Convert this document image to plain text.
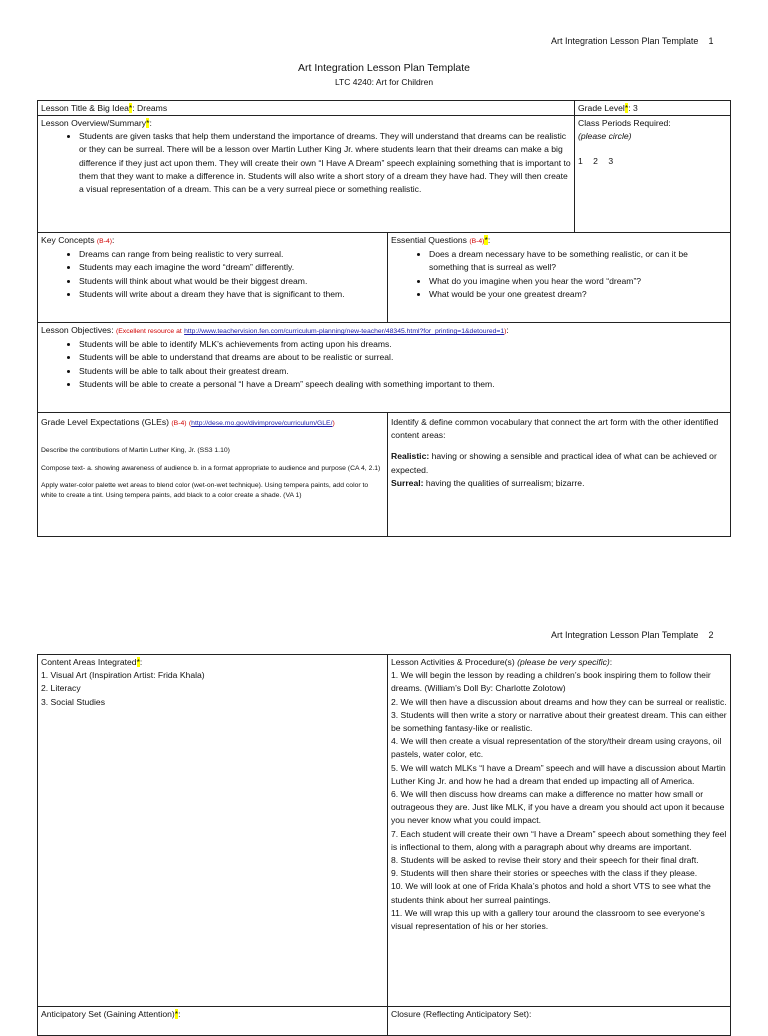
Art Integration Lesson Plan Template 1
Art Integration Lesson Plan Template
LTC 4240: Art for Children
Lesson Title & Big Idea*: Dreams	Grade Level*: 3
Lesson Overview/Summary*:
• Students are given tasks that help them understand the importance of dreams. They will understand that dreams can be realistic or they can be surreal. There will be a lesson over Martin Luther King Jr. where students learn that their dreams can make a big difference if they just act upon them. They will create their own “I Have A Dream” speech explaining something that is important to them that they want to make a difference in. Students will also write a short story of a dream they have had. They will then create a visual representation of a dream. This can be a very surreal piece or something realistic.
Class Periods Required:
(please circle)
1 2 3
Key Concepts (B-4):
• Dreams can range from being realistic to very surreal.
• Students may each imagine the word “dream” differently.
• Students will think about what would be their biggest dream.
• Students will write about a dream they have that is significant to them.
Essential Questions (B-4)*:
• Does a dream necessary have to be something realistic, or can it be something that is surreal as well?
• What do you imagine when you hear the word “dream”?
• What would be your one greatest dream?
Lesson Objectives: (Excellent resource at http://www.teachervision.fen.com/curriculum-planning/new-teacher/48345.html?for_printing=1&detoured=1):
• Students will be able to identify MLK’s achievements from acting upon his dreams.
• Students will be able to understand that dreams are about to be realistic or surreal.
• Students will be able to talk about their greatest dream.
• Students will be able to create a personal “I have a Dream” speech dealing with something important to them.
Grade Level Expectations (GLEs) (B-4) (http://dese.mo.gov/divimprove/curriculum/GLE/)

Describe the contributions of Martin Luther King, Jr. (SS3 1.10)

Compose text- a. showing awareness of audience b. in a format appropriate to audience and purpose (CA 4, 2.1)

Apply water-color palette wet areas to blend color (wet-on-wet technique). Using tempera paints, add color to white to create a tint. Using tempera paints, add black to a color create a shade. (VA 1)

Identify & define common vocabulary that connect the art form with the other identified content areas:
Realistic: having or showing a sensible and practical idea of what can be achieved or expected.
Surreal: having the qualities of surrealism; bizarre.
Art Integration Lesson Plan Template 2
Content Areas Integrated*:
1. Visual Art (Inspiration Artist: Frida Khala)
2. Literacy
3. Social Studies
Lesson Activities & Procedure(s) (please be very specific):
1. We will begin the lesson by reading a children’s book inspiring them to follow their dreams. (William’s Doll By: Charlotte Zolotow)
2. We will then have a discussion about dreams and how they can be surreal or realistic.
3. Students will then write a story or narrative about their greatest dream. This can either be something fantasy-like or realistic.
4. We will then create a visual representation of the story/their dream using crayons, oil pastels, water color, etc.
5. We will watch MLKs “I have a Dream” speech and will have a discussion about Martin Luther King Jr. and how he had a dream that ended up impacting all of America.
6. We will then discuss how dreams can make a difference no matter how small or outrageous they are. Just like MLK, if you have a dream you should act upon it because you never know what you could impact.
7. Each student will create their own “I have a Dream” speech about something they feel is inflectional to them, along with a paragraph about why dreams are important.
8. Students will be asked to revise their story and their speech for their final draft.
9. Students will then share their stories or speeches with the class if they please.
10. We will look at one of Frida Khala’s photos and hold a short VTS to see what the students think about her surreal paintings.
11. We will wrap this up with a gallery tour around the classroom to see everyone’s visual representation of his or her stories.
Anticipatory Set (Gaining Attention)*:	Closure (Reflecting Anticipatory Set):
